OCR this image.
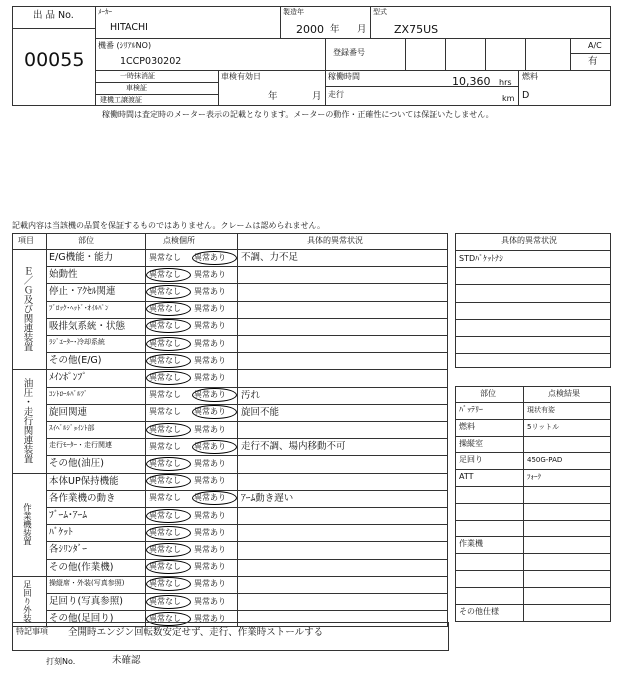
出 品 No.
00055
ﾒｰｶｰ
HITACHI
製造年
2000 年 月
型式
ZX75US
機番 (ｼﾘｱﾙNO)
1CCP030202
登録番号
A/C
有
一時抹消証
車検証
建機工譲渡証
車検有効日
年	月
稼働時間	10,360 hrs
走行	km
燃料
D
稼働時間は査定時のメーター表示の記載となります。メーターの動作・正確性については保証いたしません。
記載内容は当該機の品質を保証するものではありません。クレームは認められません。
項目	部位	点検個所	具体的異常状況
E/G機能・能力	異常なし 異常あり 不調、力不足
始動性	異常なし 異常あり
停止・ｱｸｾﾙ関連	異常なし 異常あり
ﾌﾞﾛｯｸ･ﾍｯﾄﾞ･ｵｲﾙﾊﾟﾝ	異常なし 異常あり
吸排気系統・状態	異常なし 異常あり
ﾗｼﾞｴｰﾀｰ･冷却系統	異常なし 異常あり
その他(E/G)	異常なし 異常あり
Ｅ／Ｇ及び関連装置
ﾒｲﾝﾎﾟﾝﾌﾟ	異常なし 異常あり
ｺﾝﾄﾛｰﾙﾊﾞﾙﾌﾞ	異常なし 異常あり 汚れ
旋回関連	異常なし 異常あり 旋回不能
ｽｲﾍﾞﾙｼﾞｮｲﾝﾄ部	異常なし 異常あり
走行ﾓｰﾀｰ・走行関連	異常なし 異常あり 走行不調、場内移動不可
その他(油圧)	異常なし 異常あり
油圧・走行関連装置
本体UP保持機能	異常なし 異常あり
各作業機の動き	異常なし 異常あり ｱｰﾑ動き遅い
ﾌﾞｰﾑ･ｱｰﾑ	異常なし 異常あり
ﾊﾞｹｯﾄ	異常なし 異常あり
各ｼﾘﾝﾀﾞｰ	異常なし 異常あり
その他(作業機)	異常なし 異常あり
作業機装置
操縦席・外装(写真参照)	異常なし 異常あり
足回り(写真参照)	異常なし 異常あり
その他(足回り)	異常なし 異常あり
足回り外装
具体的異常状況
STDﾊﾞｹｯﾄﾅｼ
部位	点検結果
ﾊﾞｯﾃﾘｰ	現状有姿
燃料	5リットル
操縦室
足回り	450G-PAD
ATT	ﾌｫｰｸ
作業機
その他仕様
特記事項 全開時エンジン回転数安定せず、走行、作業時ストールする
打刻No.	未確認
